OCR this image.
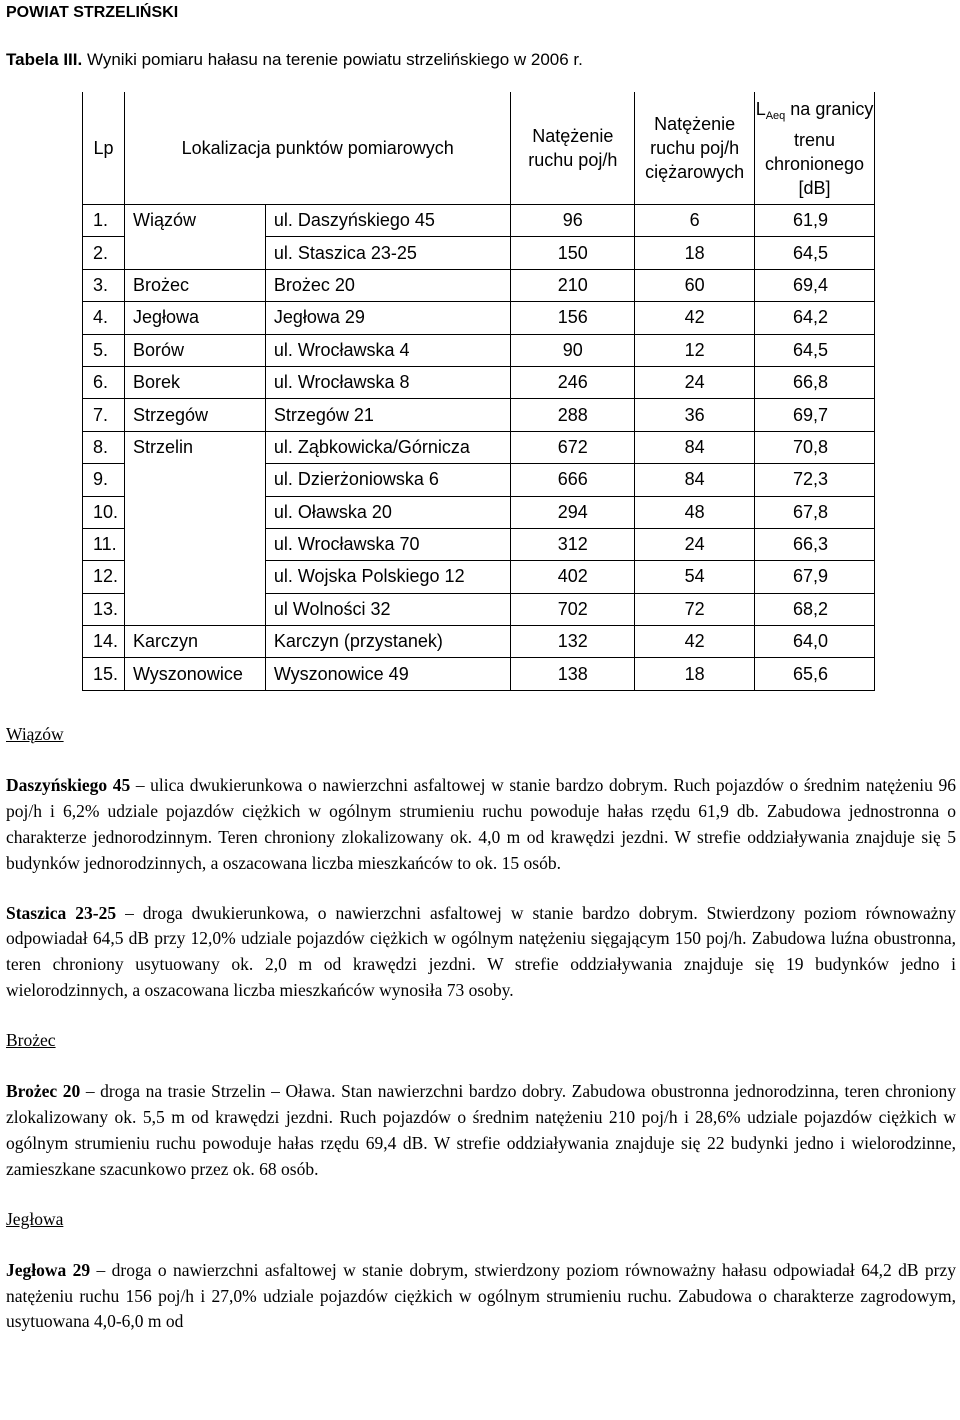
POWIAT STRZELIŃSKI
Tabela III. Wyniki pomiaru hałasu na terenie powiatu strzelińskiego w 2006 r.
Lp	Lokalizacja punktów pomiarowych		Natężenie ruchu poj/h	Natężenie ruchu poj/h ciężarowych	$L_{Aeq}$ na granicy trenu chronionego [dB]
1.	Wiązów	ul. Daszyńskiego 45	96	6	61,9
2.		ul. Staszica 23-25	150	18	64,5
3.	Brożec	Brożec 20	210	60	69,4
4.	Jegłowa	Jegłowa 29	156	42	64,2
5.	Borów	ul. Wrocławska 4	90	12	64,5
6.	Borek	ul. Wrocławska 8	246	24	66,8
7.	Strzegów	Strzegów 21	288	36	69,7
8.	Strzelin	ul. Ząbkowicka/Górnicza	672	84	70,8
9.		ul. Dzierżoniowska 6	666	84	72,3
10.		ul. Oławska 20	294	48	67,8
11.		ul. Wrocławska 70	312	24	66,3
12.		ul. Wojska Polskiego 12	402	54	67,9
13.		ul Wolności 32	702	72	68,2
14.	Karczyn	Karczyn (przystanek)	132	42	64,0
15.	Wyszonowice	Wyszonowice 49	138	18	65,6
Wiązów

Daszyńskiego 45 – ulica dwukierunkowa o nawierzchni asfaltowej w stanie bardzo dobrym. Ruch pojazdów o średnim natężeniu 96 poj/h i 6,2% udziale pojazdów ciężkich w ogólnym strumieniu ruchu powoduje hałas rzędu 61,9 db. Zabudowa jednostronna o charakterze jednorodzinnym. Teren chroniony zlokalizowany ok. 4,0 m od krawędzi jezdni. W strefie oddziaływania znajduje się 5 budynków jednorodzinnych, a oszacowana liczba mieszkańców to ok. 15 osób.

Staszica 23-25 – droga dwukierunkowa, o nawierzchni asfaltowej w stanie bardzo dobrym. Stwierdzony poziom równoważny odpowiadał 64,5 dB przy 12,0% udziale pojazdów ciężkich w ogólnym natężeniu sięgającym 150 poj/h. Zabudowa luźna obustronna, teren chroniony usytuowany ok. 2,0 m od krawędzi jezdni. W strefie oddziaływania znajduje się 19 budynków jedno i wielorodzinnych, a oszacowana liczba mieszkańców wynosiła 73 osoby.

Brożec

Brożec 20 – droga na trasie Strzelin – Oława. Stan nawierzchni bardzo dobry. Zabudowa obustronna jednorodzinna, teren chroniony zlokalizowany ok. 5,5 m od krawędzi jezdni. Ruch pojazdów o średnim natężeniu 210 poj/h i 28,6% udziale pojazdów ciężkich w ogólnym strumieniu ruchu powoduje hałas rzędu 69,4 dB. W strefie oddziaływania znajduje się 22 budynki jedno i wielorodzinne, zamieszkane szacunkowo przez ok. 68 osób.

Jegłowa

Jegłowa 29 – droga o nawierzchni asfaltowej w stanie dobrym, stwierdzony poziom równoważny hałasu odpowiadał 64,2 dB przy natężeniu ruchu 156 poj/h i 27,0% udziale pojazdów ciężkich w ogólnym strumieniu ruchu. Zabudowa o charakterze zagrodowym, usytuowana 4,0-6,0 m od
